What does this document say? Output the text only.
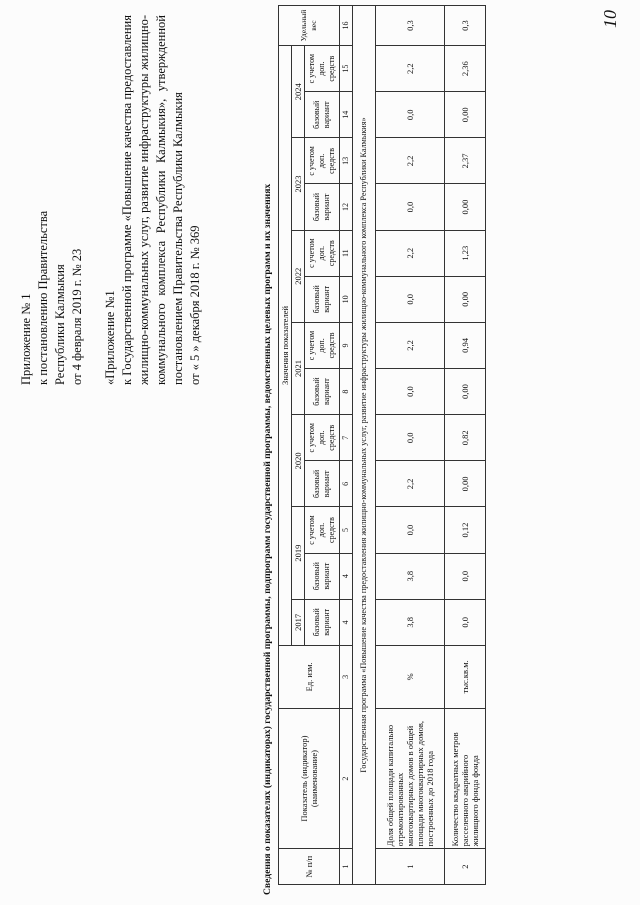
10
Приложение № 1 к постановлению Правительства Республики Калмыкия от 4 февраля 2019 г. № 23 «Приложение №1 к Государственной программе «Повышение качества предоставления жилищно-коммунальных услуг, развитие инфраструктуры жилищно-коммунального комплекса Республики Калмыкия», утвержденной постановлением Правительства Республики Калмыкия от « 5 » декабря 2018 г. № 369	Сведения о показателях (индикаторах) государственной программы, подпрограмм государственной программы, ведомственных целевых программ и их значениях	№ п/п	Показатель (индикатор) (наименование)	Ед. изм.	Значения показателей													Удельный вес
			2017	2019		2020		2021		2022		2023		2024		
			базовый вариант	базовый вариант	с учетом доп. средств	базовый вариант	с учетом доп. средств	базовый вариант	с учетом доп. средств	базовый вариант	с учетом доп. средств	базовый вариант	с учетом доп. средств	базовый вариант	с учетом доп. средств	
1	2	3	4	4	5	6	7	8	9	10	11	12	13	14	15	16
Государственная программа «Повышение качества предоставления жилищно-коммунальных услуг, развитие инфраструктуры жилищно-коммунального комплекса Республики Калмыкия»																
1	Доля общей площади капитально отремонтированных многоквартирных домов в общей площади многоквартирных домов, построенных до 2018 года	%	3,8	3,8	0,0	2,2	0,0	0,0	2,2	0,0	2,2	0,0	2,2	0,0	2,2	0,3
2	Количество квадратных метров расселенного аварийного жилищного фонда фонда	тыс.кв.м.	0,0	0,0	0,12	0,00	0,82	0,00	0,94	0,00	1,23	0,00	2,37	0,00	2,36	0,3
